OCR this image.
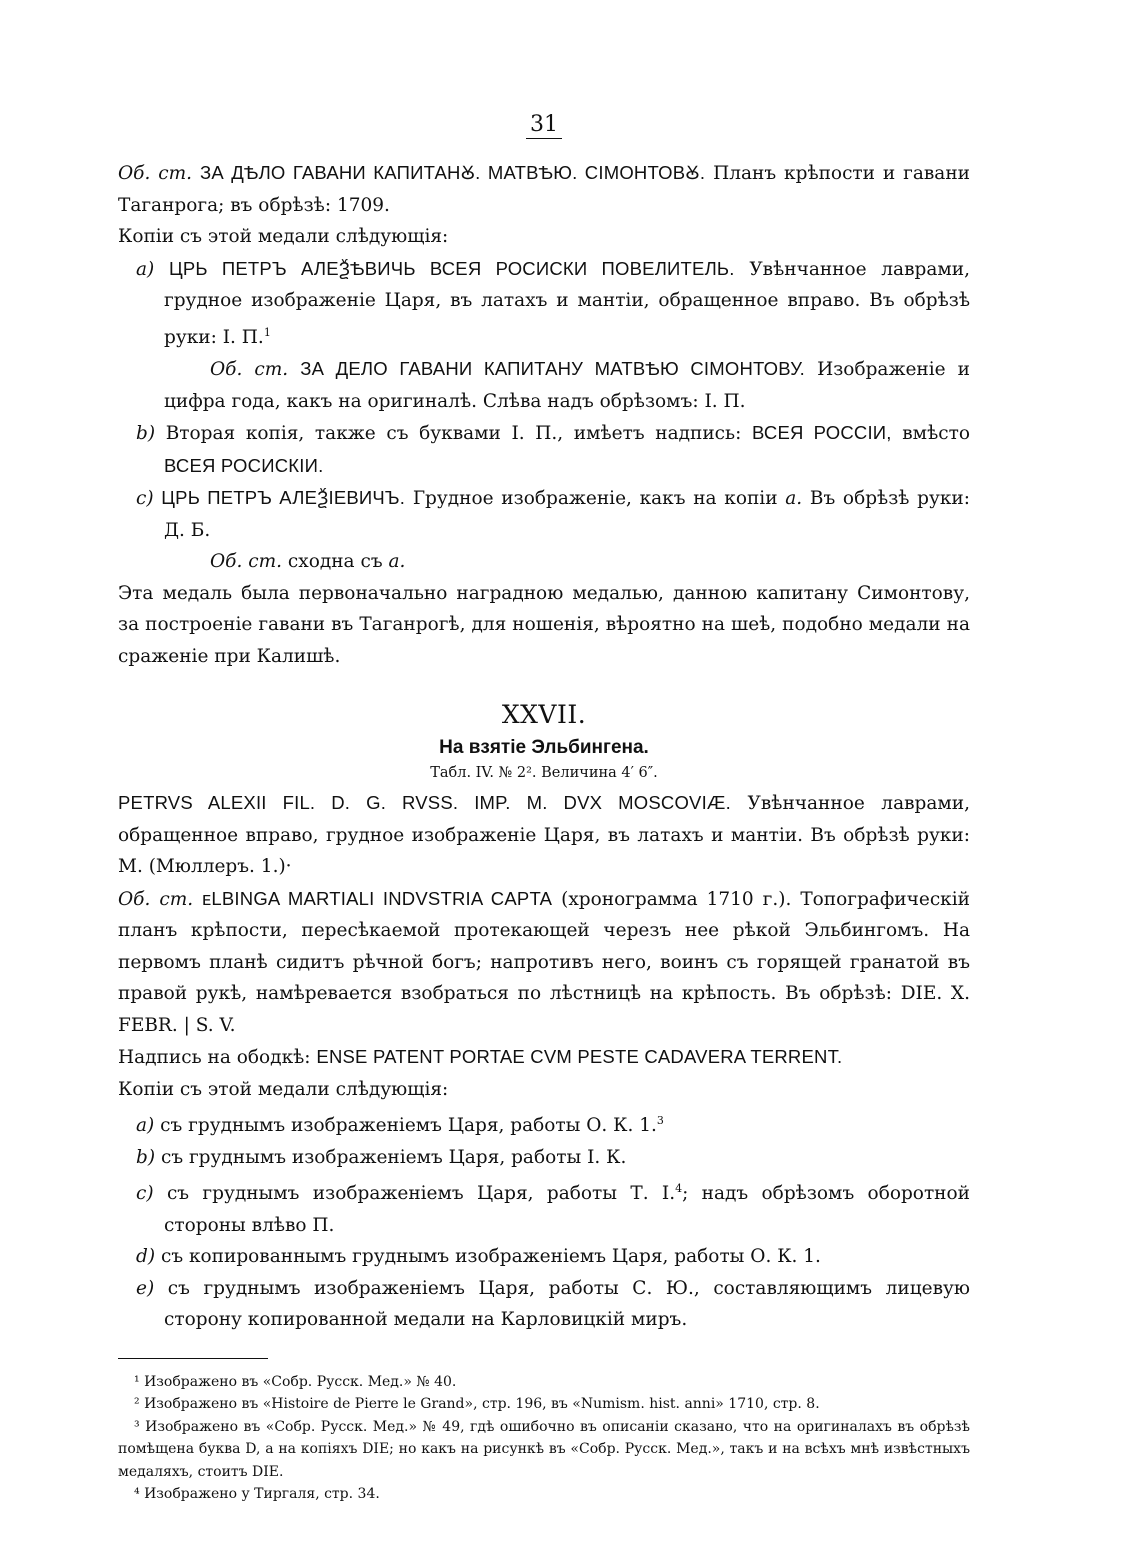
31

Об. ст. ЗА ДѢЛО ГАВАНИ КАПИТАНꙊ. МАТВѢЮ. СІМОНТОВꙊ. Планъ крѣпости и гавани Таганрога; въ обрѣзѣ: 1709.

Копіи съ этой медали слѣдующія:

a) ЦРЬ ПЕТРЪ АЛЕѮѢВИЧЬ ВСЕЯ РОСИСКИ ПОВЕЛИТЕЛЬ. Увѣнчанное лаврами, грудное изображеніе Царя, въ латахъ и мантіи, обращенное вправо. Въ обрѣзѣ руки: І. П.$^1$

Об. ст. ЗА ДЕЛО ГАВАНИ КАПИТАНУ МАТВѢЮ СІМОНТОВУ. Изображеніе и цифра года, какъ на оригиналѣ. Слѣва надъ обрѣзомъ: І. П.

b) Вторая копія, также съ буквами І. П., имѣетъ надпись: ВСЕЯ РОССІИ, вмѣсто ВСЕЯ РОСИСКІИ.

c) ЦРЬ ПЕТРЪ АЛЕѮІЕВИЧЪ. Грудное изображеніе, какъ на копіи a. Въ обрѣзѣ руки: Д. Б.

Об. ст. сходна съ a.

Эта медаль была первоначально наградною медалью, данною капитану Симонтову, за построеніе гавани въ Таганрогѣ, для ношенія, вѣроятно на шеѣ, подобно медали на сраженіе при Калишѣ.

XXVII.
На взятіе Эльбингена.
Табл. IV. № 2². Величина 4′ 6″.

PETRVS ALEXII FIL. D. G. RVSS. IMP. M. DVX MOSCOVIÆ. Увѣнчанное лаврами, обращенное вправо, грудное изображеніе Царя, въ латахъ и мантіи. Въ обрѣзѣ руки: М. (Мюллеръ. 1.)·

Об. ст. ᴇLBINGA MARTIALI INDVSTRIA CAPTA (хронограмма 1710 г.). Топографическій планъ крѣпости, пересѣкаемой протекающей черезъ нее рѣкой Эльбингомъ. На первомъ планѣ сидитъ рѣчной богъ; напротивъ него, воинъ съ горящей гранатой въ правой рукѣ, намѣревается взобраться по лѣстницѣ на крѣпость. Въ обрѣзѣ: DIE. X. FEBR. | S. V.

Надпись на ободкѣ: ENSE PATENT PORTAE CVM PESTE CADAVERA TERRENT.

Копіи съ этой медали слѣдующія:

a) съ груднымъ изображеніемъ Царя, работы О. К. 1.$^3$

b) съ груднымъ изображеніемъ Царя, работы І. К.

c) съ груднымъ изображеніемъ Царя, работы Т. І.$^4$; надъ обрѣзомъ оборотной стороны влѣво П.

d) съ копированнымъ груднымъ изображеніемъ Царя, работы О. К. 1.

e) съ груднымъ изображеніемъ Царя, работы С. Ю., составляющимъ лицевую сторону копированной медали на Карловицкій миръ.

¹ Изображено въ «Собр. Русск. Мед.» № 40.

² Изображено въ «Histoire de Pierre le Grand», стр. 196, въ «Numism. hist. anni» 1710, стр. 8.

³ Изображено въ «Собр. Русск. Мед.» № 49, гдѣ ошибочно въ описаніи сказано, что на оригиналахъ въ обрѣзѣ помѣщена буква D, а на копіяхъ DIE; но какъ на рисункѣ въ «Собр. Русск. Мед.», такъ и на всѣхъ мнѣ извѣстныхъ медаляхъ, стоитъ DIE.

⁴ Изображено у Тиргаля, стр. 34.
